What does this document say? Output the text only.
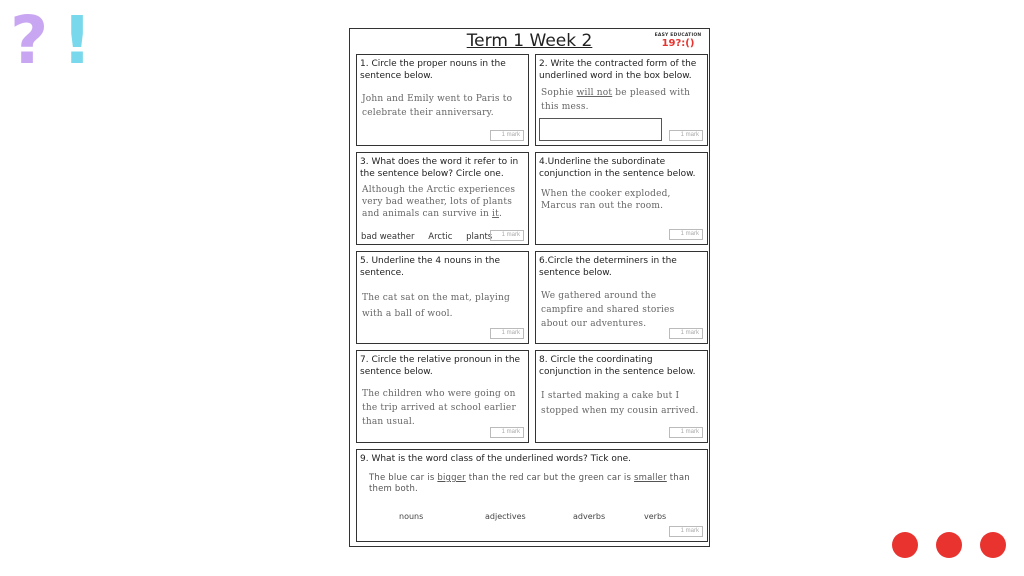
? !	Term 1 Week 2	EASY EDUCATION
19?:()
1. Circle the proper nouns in the sentence below.
John and Emily went to Paris to celebrate their anniversary.
1 mark
2. Write the contracted form of the underlined word in the box below.
Sophie will not be pleased with this mess.
1 mark
3. What does the word it refer to in the sentence below? Circle one.
Although the Arctic experiences very bad weather, lots of plants and animals can survive in it.
bad weather Arctic plants	1 mark
4.Underline the subordinate conjunction in the sentence below.
When the cooker exploded, Marcus ran out the room.
1 mark
5. Underline the 4 nouns in the sentence.
The cat sat on the mat, playing with a ball of wool.
1 mark
6.Circle the determiners in the sentence below.
We gathered around the campfire and shared stories about our adventures.
1 mark
7. Circle the relative pronoun in the sentence below.
The children who were going on the trip arrived at school earlier than usual.
1 mark
8. Circle the coordinating conjunction in the sentence below.
I started making a cake but I stopped when my cousin arrived.
1 mark
9. What is the word class of the underlined words? Tick one.
The blue car is bigger than the red car but the green car is smaller than them both.
nouns	adjectives	adverbs	verbs
1 mark
